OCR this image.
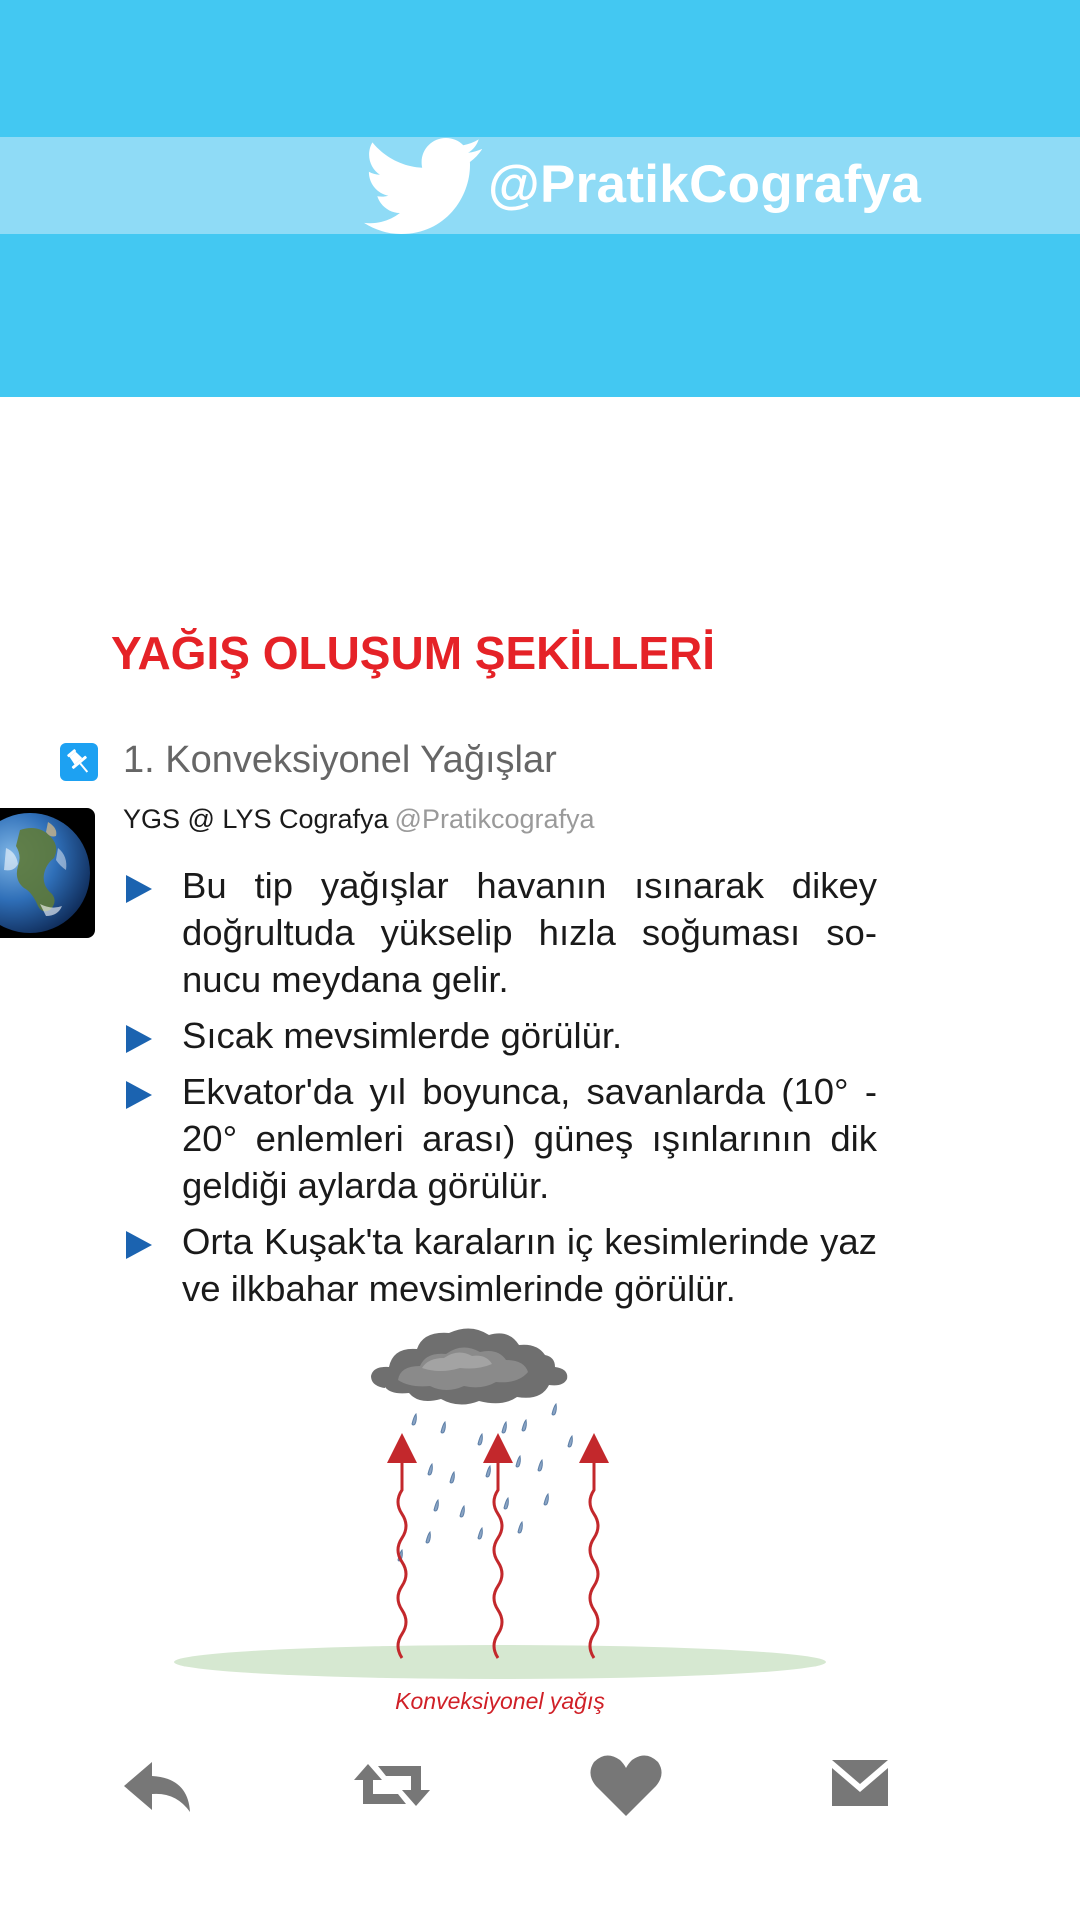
@PratikCografya
YAĞIŞ OLUŞUM ŞEKİLLERİ
1. Konveksiyonel Yağışlar
YGS @ LYS Cografya @Pratikcografya
Bu tip yağışlar havanın ısınarak dikey doğrultuda yükselip hızla soğuması so-nucu meydana gelir.
Sıcak mevsimlerde görülür.
Ekvator'da yıl boyunca, savanlarda (10° - 20° enlemleri arası) güneş ışınlarının dik geldiği aylarda görülür.
Orta Kuşak'ta karaların iç kesimlerinde yaz ve ilkbahar mevsimlerinde görülür.
Konveksiyonel yağış
